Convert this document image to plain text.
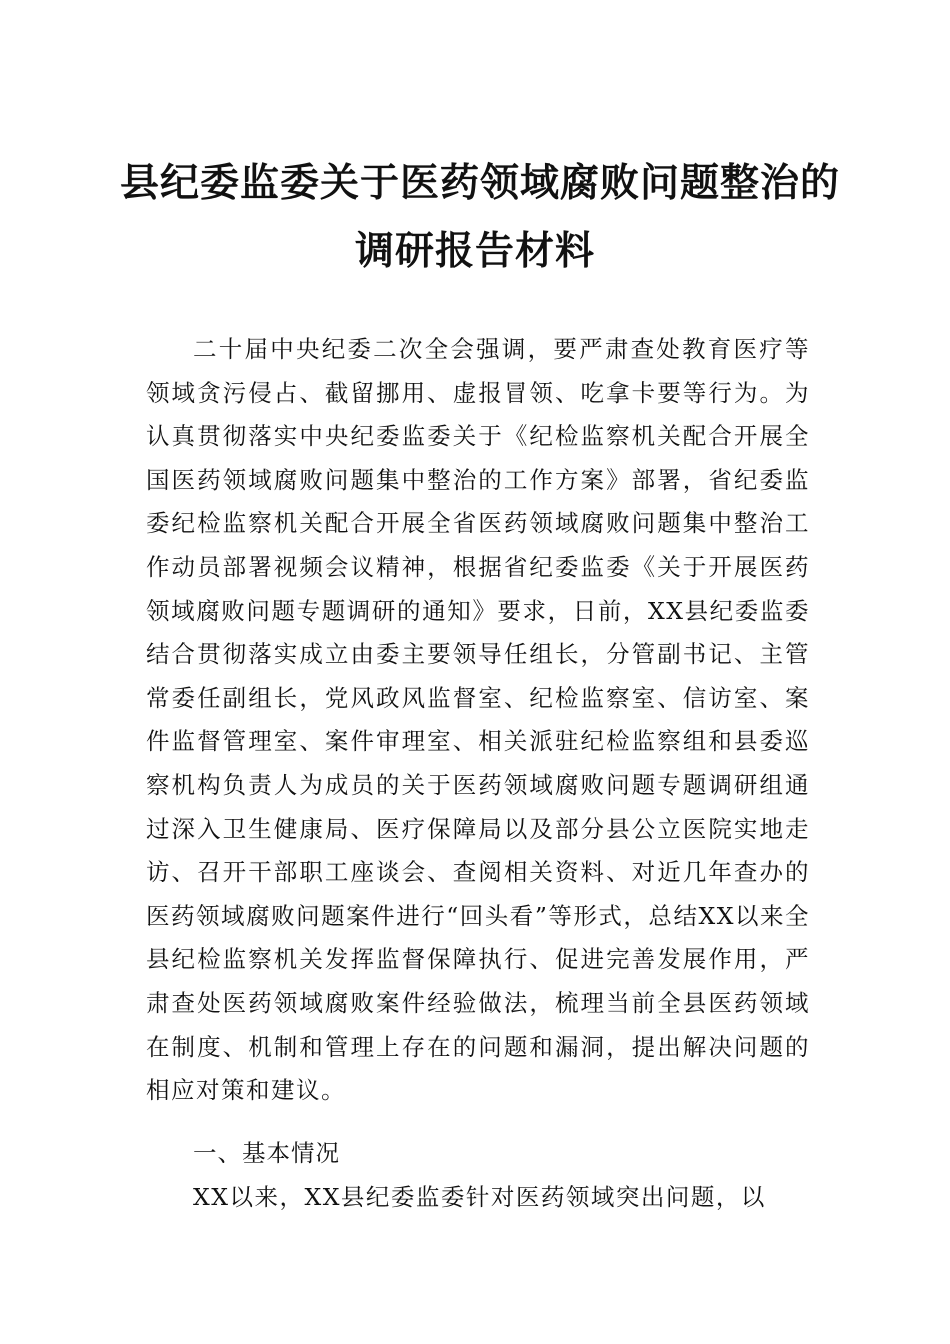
县纪委监委关于医药领域腐败问题整治的
调研报告材料

二十届中央纪委二次全会强调，要严肃查处教育医疗等领域贪污侵占、截留挪用、虚报冒领、吃拿卡要等行为。为认真贯彻落实中央纪委监委关于《纪检监察机关配合开展全国医药领域腐败问题集中整治的工作方案》部署，省纪委监委纪检监察机关配合开展全省医药领域腐败问题集中整治工作动员部署视频会议精神，根据省纪委监委《关于开展医药领域腐败问题专题调研的通知》要求，日前，XX县纪委监委结合贯彻落实成立由委主要领导任组长，分管副书记、主管常委任副组长，党风政风监督室、纪检监察室、信访室、案件监督管理室、案件审理室、相关派驻纪检监察组和县委巡察机构负责人为成员的关于医药领域腐败问题专题调研组通过深入卫生健康局、医疗保障局以及部分县公立医院实地走访、召开干部职工座谈会、查阅相关资料、对近几年查办的医药领域腐败问题案件进行“回头看”等形式，总结XX以来全县纪检监察机关发挥监督保障执行、促进完善发展作用，严肃查处医药领域腐败案件经验做法，梳理当前全县医药领域在制度、机制和管理上存在的问题和漏洞，提出解决问题的相应对策和建议。

一、基本情况

XX以来，XX县纪委监委针对医药领域突出问题，以
